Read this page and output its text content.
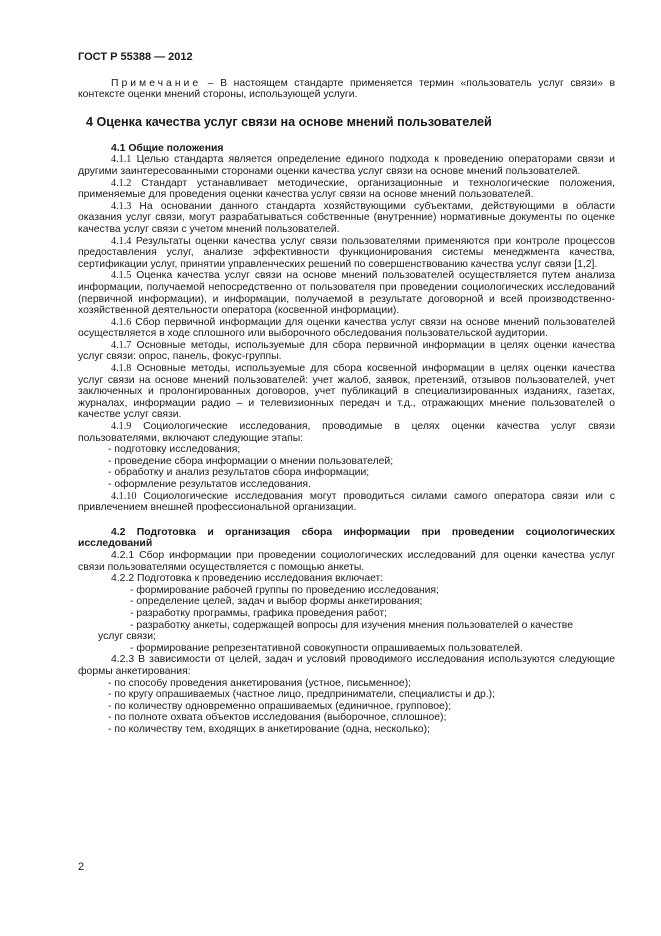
ГОСТ Р 55388 — 2012
Примечание – В настоящем стандарте применяется термин «пользователь услуг связи» в контексте оценки мнений стороны, использующей услуги.
4 Оценка качества услуг связи на основе мнений пользователей
4.1 Общие положения

4.1.1 Целью стандарта является определение единого подхода к проведению операторами связи и другими заинтересованными сторонами оценки качества услуг связи на основе мнений пользователей.

4.1.2 Стандарт устанавливает методические, организационные и технологические положения, применяемые для проведения оценки качества услуг связи на основе мнений пользователей.

4.1.3 На основании данного стандарта хозяйствующими субъектами, действующими в области оказания услуг связи, могут разрабатываться собственные (внутренние) нормативные документы по оценке качества услуг связи с учетом мнений пользователей.

4.1.4 Результаты оценки качества услуг связи пользователями применяются при контроле процессов предоставления услуг, анализе эффективности функционирования системы менеджмента качества, сертификации услуг, принятии управленческих решений по совершенствованию качества услуг связи [1,2].

4.1.5 Оценка качества услуг связи на основе мнений пользователей осуществляется путем анализа информации, получаемой непосредственно от пользователя при проведении социологических исследований (первичной информации), и информации, получаемой в результате договорной и всей производственно-хозяйственной деятельности оператора (косвенной информации).

4.1.6 Сбор первичной информации для оценки качества услуг связи на основе мнений пользователей осуществляется в ходе сплошного или выборочного обследования пользовательской аудитории.

4.1.7 Основные методы, используемые для сбора первичной информации в целях оценки качества услуг связи: опрос, панель, фокус-группы.

4.1.8 Основные методы, используемые для сбора косвенной информации в целях оценки качества услуг связи на основе мнений пользователей: учет жалоб, заявок, претензий, отзывов пользователей, учет заключенных и пролонгированных договоров, учет публикаций в специализированных изданиях, газетах, журналах, информации радио – и телевизионных передач и т.д., отражающих мнение пользователей о качестве услуг связи.

4.1.9 Социологические исследования, проводимые в целях оценки качества услуг связи пользователями, включают следующие этапы:

- подготовку исследования;
- проведение сбора информации о мнении пользователей;
- обработку и анализ результатов сбора информации;
- оформление результатов исследования.

4.1.10 Социологические исследования могут проводиться силами самого оператора связи или с привлечением внешней профессиональной организации.

4.2 Подготовка и организация сбора информации при проведении социологических исследований

4.2.1 Сбор информации при проведении социологических исследований для оценки качества услуг связи пользователями осуществляется с помощью анкеты.

4.2.2 Подготовка к проведению исследования включает:

- формирование рабочей группы по проведению исследования;
- определение целей, задач и выбор формы анкетирования;
- разработку программы, графика проведения работ;
- разработку анкеты, содержащей вопросы для изучения мнения пользователей о качестве
услуг связи;
- формирование репрезентативной совокупности опрашиваемых пользователей.

4.2.3 В зависимости от целей, задач и условий проводимого исследования используются следующие формы анкетирования:

- по способу проведения анкетирования (устное, письменное);
- по кругу опрашиваемых (частное лицо, предприниматели, специалисты и др.);
- по количеству одновременно опрашиваемых (единичное, групповое);
- по полноте охвата объектов исследования (выборочное, сплошное);
- по количеству тем, входящих в анкетирование (одна, несколько);
2
